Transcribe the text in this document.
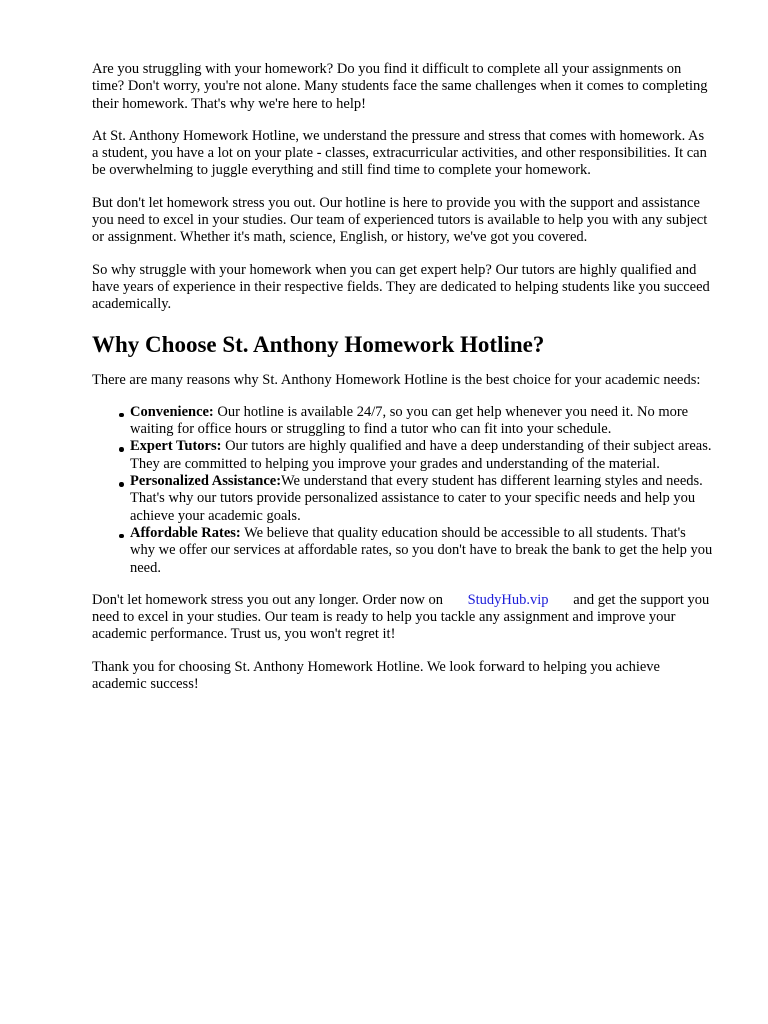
Are you struggling with your homework? Do you find it difficult to complete all your assignments on time? Don't worry, you're not alone. Many students face the same challenges when it comes to completing their homework. That's why we're here to help!

At St. Anthony Homework Hotline, we understand the pressure and stress that comes with homework. As a student, you have a lot on your plate - classes, extracurricular activities, and other responsibilities. It can be overwhelming to juggle everything and still find time to complete your homework.

But don't let homework stress you out. Our hotline is here to provide you with the support and assistance you need to excel in your studies. Our team of experienced tutors is available to help you with any subject or assignment. Whether it's math, science, English, or history, we've got you covered.

So why struggle with your homework when you can get expert help? Our tutors are highly qualified and have years of experience in their respective fields. They are dedicated to helping students like you succeed academically.

Why Choose St. Anthony Homework Hotline?

There are many reasons why St. Anthony Homework Hotline is the best choice for your academic needs:

Convenience: Our hotline is available 24/7, so you can get help whenever you need it. No more waiting for office hours or struggling to find a tutor who can fit into your schedule.
Expert Tutors: Our tutors are highly qualified and have a deep understanding of their subject areas. They are committed to helping you improve your grades and understanding of the material.
Personalized Assistance:We understand that every student has different learning styles and needs. That's why our tutors provide personalized assistance to cater to your specific needs and help you achieve your academic goals.
Affordable Rates: We believe that quality education should be accessible to all students. That's why we offer our services at affordable rates, so you don't have to break the bank to get the help you need.

Don't let homework stress you out any longer. Order now on StudyHub.vip and get the support you need to excel in your studies. Our team is ready to help you tackle any assignment and improve your academic performance. Trust us, you won't regret it!

Thank you for choosing St. Anthony Homework Hotline. We look forward to helping you achieve academic success!
